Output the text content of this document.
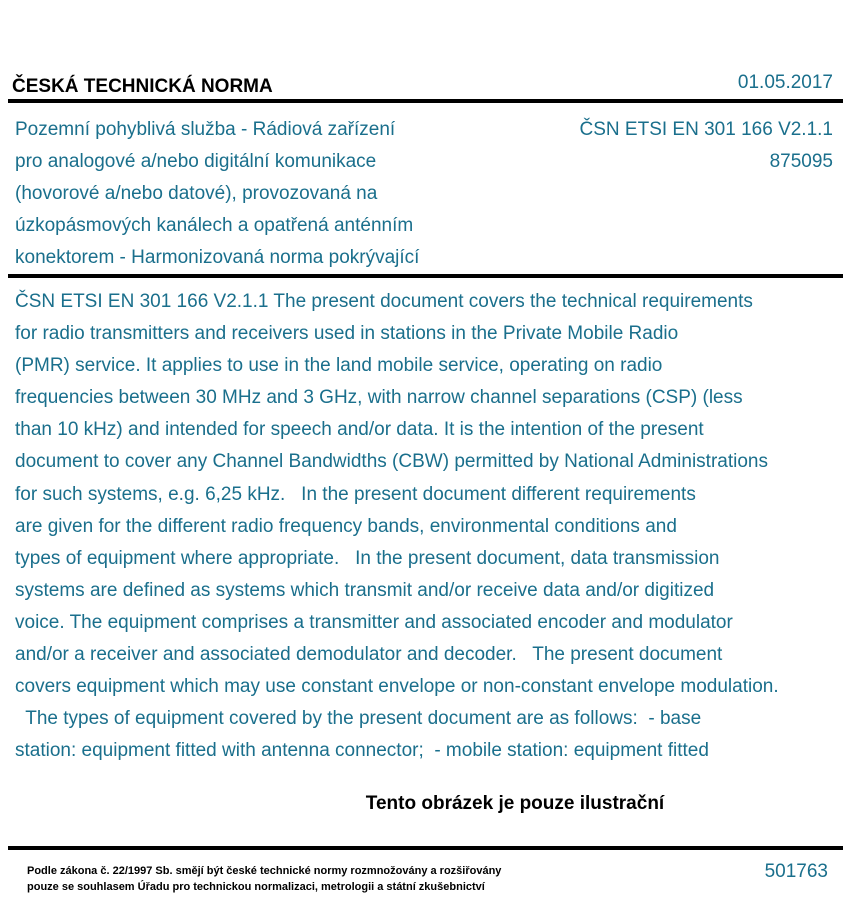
ČESKÁ TECHNICKÁ NORMA	01.05.2017
Pozemní pohyblivá služba - Rádiová zařízení
pro analogové a/nebo digitální komunikace
(hovorové a/nebo datové), provozovaná na
úzkopásmových kanálech a opatřená anténním
konektorem - Harmonizovaná norma pokrývající
ČSN ETSI EN 301 166 V2.1.1
875095
ČSN ETSI EN 301 166 V2.1.1 The present document covers the technical requirements
for radio transmitters and receivers used in stations in the Private Mobile Radio
(PMR) service. It applies to use in the land mobile service, operating on radio
frequencies between 30 MHz and 3 GHz, with narrow channel separations (CSP) (less
than 10 kHz) and intended for speech and/or data. It is the intention of the present
document to cover any Channel Bandwidths (CBW) permitted by National Administrations
for such systems, e.g. 6,25 kHz.   In the present document different requirements
are given for the different radio frequency bands, environmental conditions and
types of equipment where appropriate.   In the present document, data transmission
systems are defined as systems which transmit and/or receive data and/or digitized
voice. The equipment comprises a transmitter and associated encoder and modulator
and/or a receiver and associated demodulator and decoder.   The present document
covers equipment which may use constant envelope or non-constant envelope modulation.
The types of equipment covered by the present document are as follows:  - base
station: equipment fitted with antenna connector;  - mobile station: equipment fitted
Tento obrázek je pouze ilustrační
Podle zákona č. 22/1997 Sb. smějí být české technické normy rozmnožovány a rozšiřovány
pouze se souhlasem Úřadu pro technickou normalizaci, metrologii a státní zkušebnictví
501763
